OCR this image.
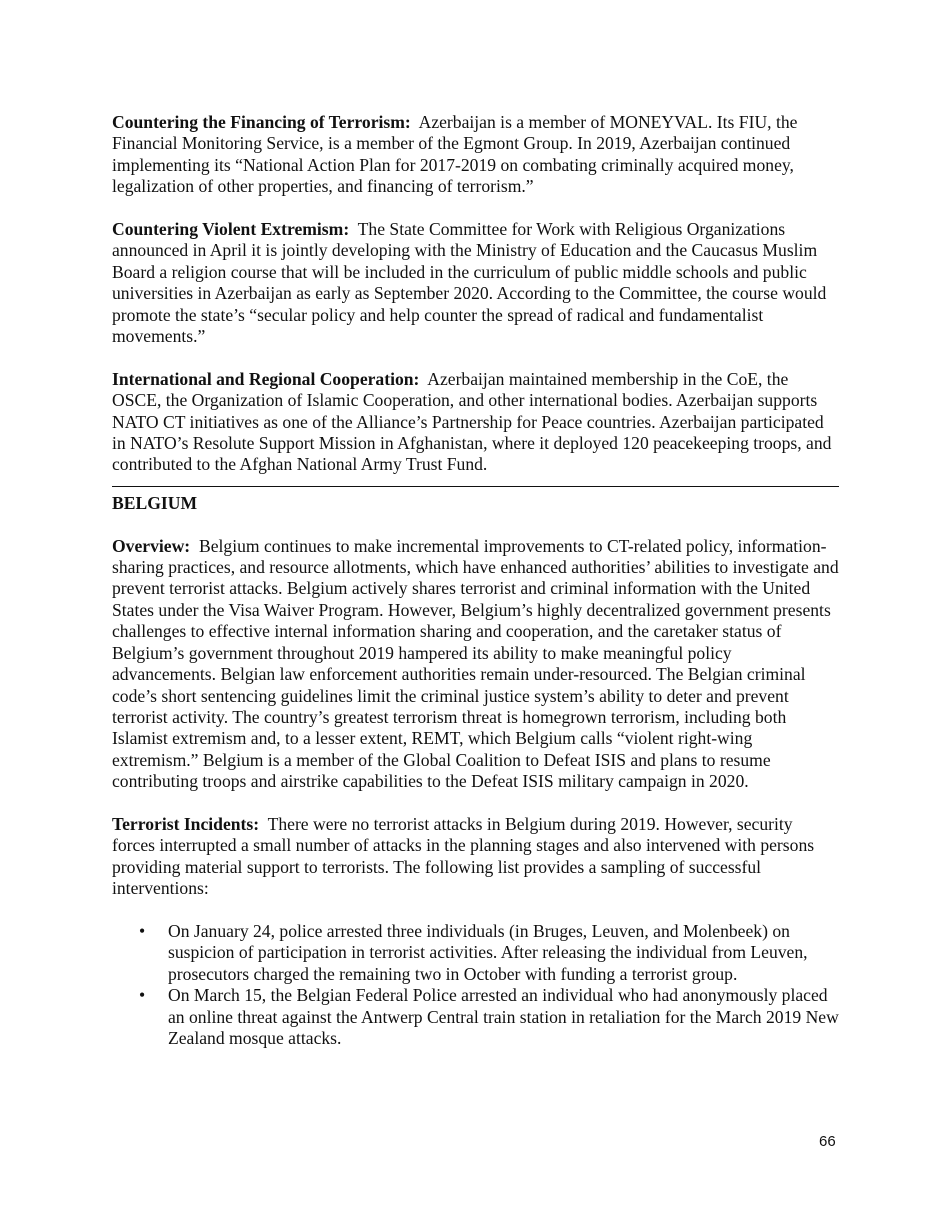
Countering the Financing of Terrorism: Azerbaijan is a member of MONEYVAL. Its FIU, the Financial Monitoring Service, is a member of the Egmont Group. In 2019, Azerbaijan continued implementing its “National Action Plan for 2017-2019 on combating criminally acquired money, legalization of other properties, and financing of terrorism.”

Countering Violent Extremism: The State Committee for Work with Religious Organizations announced in April it is jointly developing with the Ministry of Education and the Caucasus Muslim Board a religion course that will be included in the curriculum of public middle schools and public universities in Azerbaijan as early as September 2020. According to the Committee, the course would promote the state’s “secular policy and help counter the spread of radical and fundamentalist movements.”

International and Regional Cooperation: Azerbaijan maintained membership in the CoE, the OSCE, the Organization of Islamic Cooperation, and other international bodies. Azerbaijan supports NATO CT initiatives as one of the Alliance’s Partnership for Peace countries. Azerbaijan participated in NATO’s Resolute Support Mission in Afghanistan, where it deployed 120 peacekeeping troops, and contributed to the Afghan National Army Trust Fund.

BELGIUM

Overview: Belgium continues to make incremental improvements to CT-related policy, information-sharing practices, and resource allotments, which have enhanced authorities’ abilities to investigate and prevent terrorist attacks. Belgium actively shares terrorist and criminal information with the United States under the Visa Waiver Program. However, Belgium’s highly decentralized government presents challenges to effective internal information sharing and cooperation, and the caretaker status of Belgium’s government throughout 2019 hampered its ability to make meaningful policy advancements. Belgian law enforcement authorities remain under-resourced. The Belgian criminal code’s short sentencing guidelines limit the criminal justice system’s ability to deter and prevent terrorist activity. The country’s greatest terrorism threat is homegrown terrorism, including both Islamist extremism and, to a lesser extent, REMT, which Belgium calls “violent right-wing extremism.” Belgium is a member of the Global Coalition to Defeat ISIS and plans to resume contributing troops and airstrike capabilities to the Defeat ISIS military campaign in 2020.

Terrorist Incidents: There were no terrorist attacks in Belgium during 2019. However, security forces interrupted a small number of attacks in the planning stages and also intervened with persons providing material support to terrorists. The following list provides a sampling of successful interventions:

• On January 24, police arrested three individuals (in Bruges, Leuven, and Molenbeek) on suspicion of participation in terrorist activities. After releasing the individual from Leuven, prosecutors charged the remaining two in October with funding a terrorist group.
• On March 15, the Belgian Federal Police arrested an individual who had anonymously placed an online threat against the Antwerp Central train station in retaliation for the March 2019 New Zealand mosque attacks.
66
